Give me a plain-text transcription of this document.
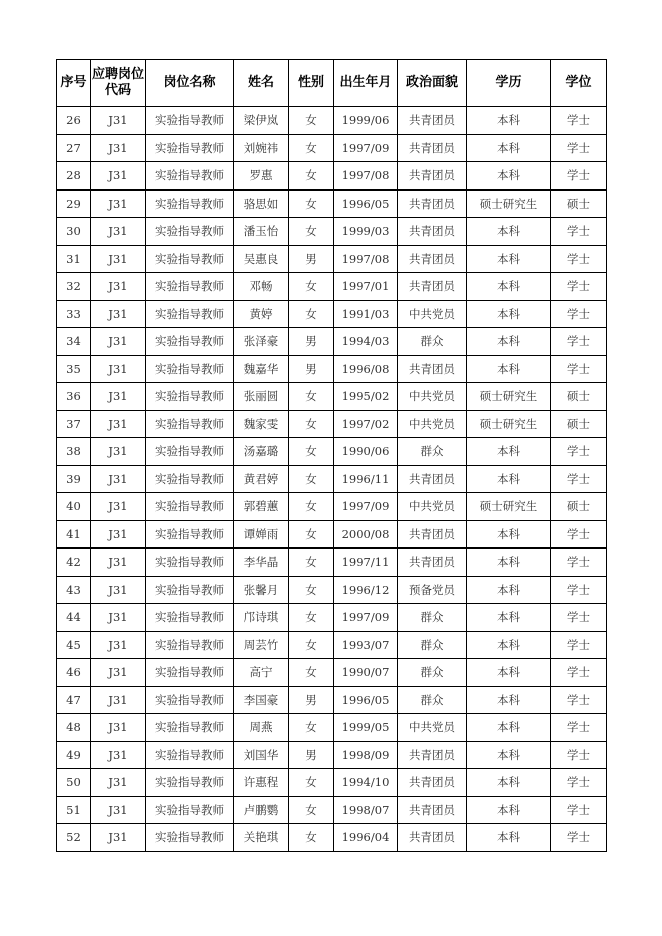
序号	应聘岗位代码	岗位名称	姓名	性别	出生年月	政治面貌	学历	学位
26	J31	实验指导教师	梁伊岚	女	1999/06	共青团员	本科	学士
27	J31	实验指导教师	刘婉祎	女	1997/09	共青团员	本科	学士
28	J31	实验指导教师	罗惠	女	1997/08	共青团员	本科	学士
29	J31	实验指导教师	骆思如	女	1996/05	共青团员	硕士研究生	硕士
30	J31	实验指导教师	潘玉怡	女	1999/03	共青团员	本科	学士
31	J31	实验指导教师	吴惠良	男	1997/08	共青团员	本科	学士
32	J31	实验指导教师	邓畅	女	1997/01	共青团员	本科	学士
33	J31	实验指导教师	黄婷	女	1991/03	中共党员	本科	学士
34	J31	实验指导教师	张泽豪	男	1994/03	群众	本科	学士
35	J31	实验指导教师	魏嘉华	男	1996/08	共青团员	本科	学士
36	J31	实验指导教师	张丽圆	女	1995/02	中共党员	硕士研究生	硕士
37	J31	实验指导教师	魏家雯	女	1997/02	中共党员	硕士研究生	硕士
38	J31	实验指导教师	汤嘉璐	女	1990/06	群众	本科	学士
39	J31	实验指导教师	黄君婷	女	1996/11	共青团员	本科	学士
40	J31	实验指导教师	郭碧蕙	女	1997/09	中共党员	硕士研究生	硕士
41	J31	实验指导教师	谭婵雨	女	2000/08	共青团员	本科	学士
42	J31	实验指导教师	李华晶	女	1997/11	共青团员	本科	学士
43	J31	实验指导教师	张馨月	女	1996/12	预备党员	本科	学士
44	J31	实验指导教师	邝诗琪	女	1997/09	群众	本科	学士
45	J31	实验指导教师	周芸竹	女	1993/07	群众	本科	学士
46	J31	实验指导教师	高宁	女	1990/07	群众	本科	学士
47	J31	实验指导教师	李国豪	男	1996/05	群众	本科	学士
48	J31	实验指导教师	周燕	女	1999/05	中共党员	本科	学士
49	J31	实验指导教师	刘国华	男	1998/09	共青团员	本科	学士
50	J31	实验指导教师	许惠程	女	1994/10	共青团员	本科	学士
51	J31	实验指导教师	卢鹏鹦	女	1998/07	共青团员	本科	学士
52	J31	实验指导教师	关艳琪	女	1996/04	共青团员	本科	学士
